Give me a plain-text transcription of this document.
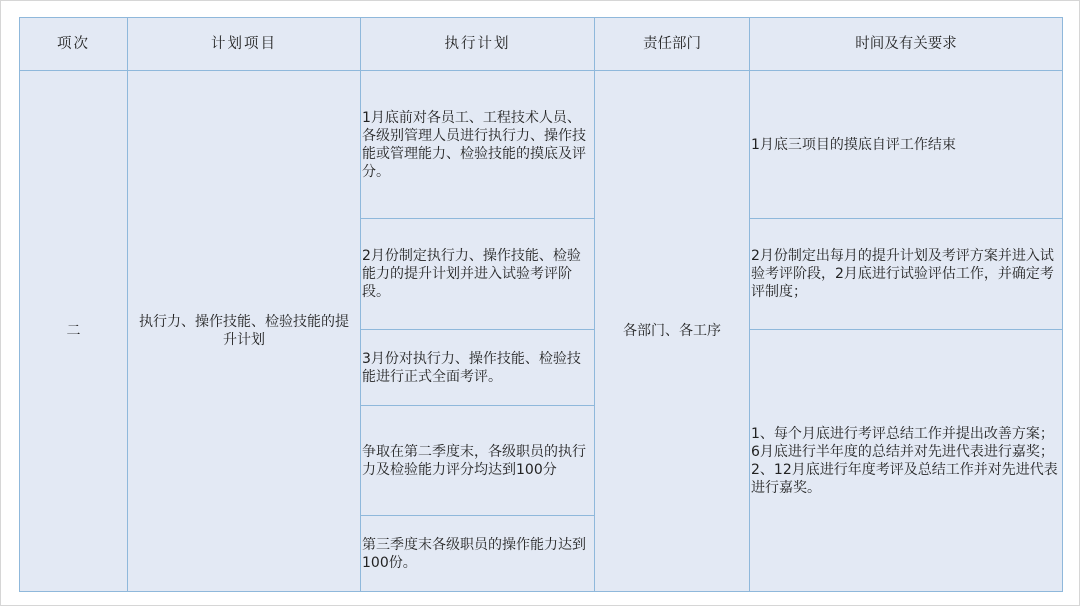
项次	计划项目	执行计划	责任部门	时间及有关要求
二	执行力、操作技能、检验技能的提升计划	1月底前对各员工、工程技术人员、各级别管理人员进行执行力、操作技能或管理能力、检验技能的摸底及评分。	各部门、各工序	1月底三项目的摸底自评工作结束
		2月份制定执行力、操作技能、检验能力的提升计划并进入试验考评阶段。		2月份制定出每月的提升计划及考评方案并进入试验考评阶段，2月底进行试验评估工作，并确定考评制度；
		3月份对执行力、操作技能、检验技能进行正式全面考评。		1、每个月底进行考评总结工作并提出改善方案；6月底进行半年度的总结并对先进代表进行嘉奖；
2、12月底进行年度考评及总结工作并对先进代表进行嘉奖。
		争取在第二季度末，各级职员的执行力及检验能力评分均达到100分		
		第三季度末各级职员的操作能力达到100份。		
